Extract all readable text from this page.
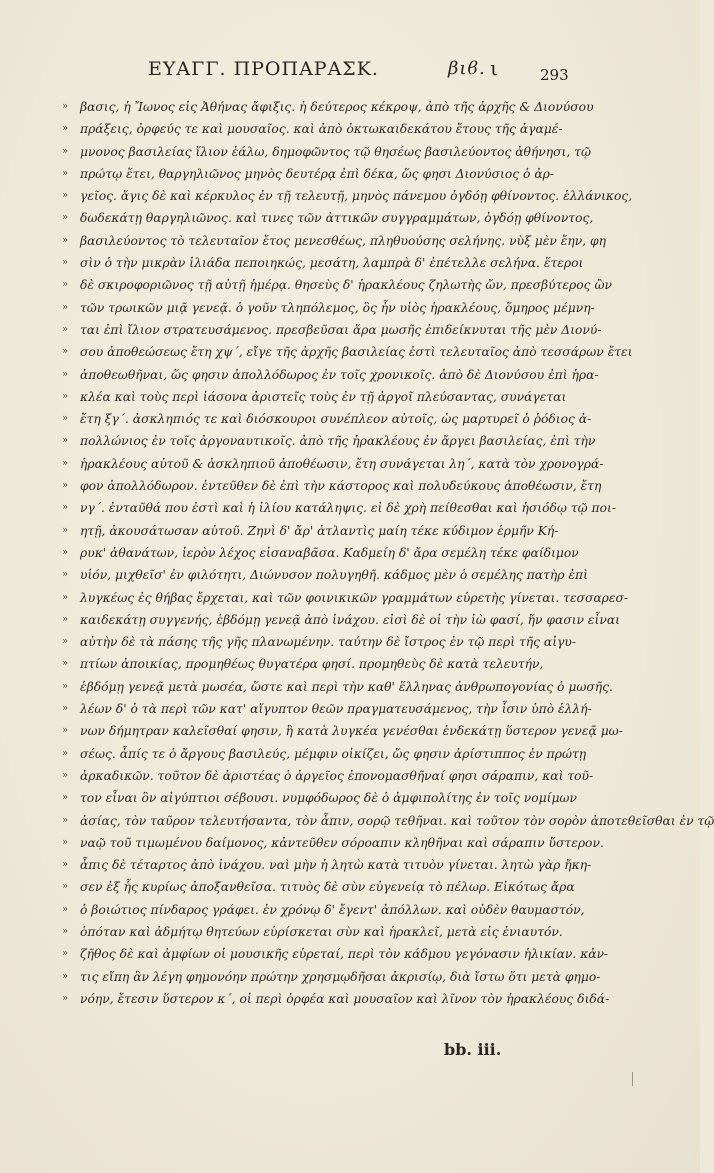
ΕΥΑΓΓ. ΠΡΟΠΑΡΑΣΚ.	βιϐ. ι	293
» βασις, ἡ Ἴωνος εἰς Ἀθήνας ἄφιξις. ἡ δεύτερος κέκροψ, ἀπὸ τῆς ἀρχῆς & Διονύσου
» πράξεις, ὀρφεύς τε καὶ μουσαῖος. καὶ ἀπὸ ὀκτωκαιδεκάτου ἔτους τῆς ἀγαμέ-
» μνονος βασιλείας ἴλιον ἑάλω, δημοφῶντος τῷ θησέως βασιλεύοντος ἀθήνησι, τῷ
» πρώτῳ ἔτει, θαργηλιῶνος μηνὸς δευτέρᾳ ἐπὶ δέκα, ὥς φησι Διονύσιος ὁ ἀρ-
» γεῖος. ἄγις δὲ καὶ κέρκυλος ἐν τῇ τελευτῇ, μηνὸς πάνεμου ὀγδόῃ φθίνοντος. ἑλλάνικος,
» δωδεκάτῃ θαργηλιῶνος. καὶ τινες τῶν ἀττικῶν συγγραμμάτων, ὀγδόῃ φθίνοντος,
» βασιλεύοντος τὸ τελευταῖον ἔτος μενεσθέως, πληθυούσης σελήνης. νὺξ μὲν ἔην, φη
» σὶν ὁ τὴν μικρὰν ἰλιάδα πεποιηκώς, μεσάτη, λαμπρὰ δ' ἐπέτελλε σελήνα. ἕτεροι
» δὲ σκιροφοριῶνος τῇ αὐτῇ ἡμέρᾳ. θησεὺς δ' ἡρακλέους ζηλωτὴς ὤν, πρεσβύτερος ὢν
» τῶν τρωικῶν μιᾷ γενεᾷ. ὁ γοῦν τληπόλεμος, ὃς ἦν υἱὸς ἡρακλέους, ὅμηρος μέμνη-
» ται ἐπὶ ἴλιον στρατευσάμενος. πρεσβεῦσαι ἄρα μωσῆς ἐπιδείκνυται τῆς μὲν Διονύ-
» σου ἀποθεώσεως ἔτη χψ΄, εἴγε τῆς ἀρχῆς βασιλείας ἐστὶ τελευταῖος ἀπὸ τεσσάρων ἔτει
» ἀποθεωθῆναι, ὥς φησιν ἀπολλόδωρος ἐν τοῖς χρονικοῖς. ἀπὸ δὲ Διονύσου ἐπὶ ἡρα-
» κλέα καὶ τοὺς περὶ ἰάσονα ἀριστεῖς τοὺς ἐν τῇ ἀργοῖ πλεύσαντας, συνάγεται
» ἔτη ξγ΄. ἀσκληπιός τε καὶ διόσκουροι συνέπλεον αὐτοῖς, ὡς μαρτυρεῖ ὁ ῥόδιος ἀ-
» πολλώνιος ἐν τοῖς ἀργοναυτικοῖς. ἀπὸ τῆς ἡρακλέους ἐν ἄργει βασιλείας, ἐπὶ τὴν
» ἡρακλέους αὐτοῦ & ἀσκληπιοῦ ἀποθέωσιν, ἔτη συνάγεται λη΄, κατὰ τὸν χρονογρά-
» φον ἀπολλόδωρον. ἐντεῦθεν δὲ ἐπὶ τὴν κάστορος καὶ πολυδεύκους ἀποθέωσιν, ἔτη
» νγ΄. ἐνταῦθά που ἐστὶ καὶ ἡ ἰλίου κατάληψις. εἰ δὲ χρὴ πείθεσθαι καὶ ἡσιόδῳ τῷ ποι-
» ητῇ, ἀκουσάτωσαν αὐτοῦ. Ζηνὶ δ' ἄρ' ἀτλαντὶς μαίη τέκε κύδιμον ἑρμῆν Κή-
» ρυκ' ἀθανάτων, ἱερὸν λέχος εἰσαναβᾶσα. Καδμείη δ' ἄρα σεμέλη τέκε φαίδιμον
» υἱόν, μιχθεῖσ' ἐν φιλότητι, Διώνυσον πολυγηθῆ. κάδμος μὲν ὁ σεμέλης πατὴρ ἐπὶ
» λυγκέως ἐς θήβας ἔρχεται, καὶ τῶν φοινικικῶν γραμμάτων εὑρετὴς γίνεται. τεσσαρεσ-
» καιδεκάτῃ συγγενής, ἑβδόμῃ γενεᾷ ἀπὸ ἰνάχου. εἰσὶ δὲ οἱ τὴν ἰὼ φασί, ἥν φασιν εἶναι
» αὐτὴν δὲ τὰ πάσης τῆς γῆς πλανωμένην. ταύτην δὲ ἴστρος ἐν τῷ περὶ τῆς αἰγυ-
» πτίων ἀποικίας, προμηθέως θυγατέρα φησί. προμηθεὺς δὲ κατὰ τελευτήν,
» ἑβδόμῃ γενεᾷ μετὰ μωσέα, ὥστε καὶ περὶ τὴν καθ' ἕλληνας ἀνθρωπογονίας ὁ μωσῆς.
» λέων δ' ὁ τὰ περὶ τῶν κατ' αἴγυπτον θεῶν πραγματευσάμενος, τὴν ἶσιν ὑπὸ ἑλλή-
» νων δήμητραν καλεῖσθαί φησιν, ἣ κατὰ λυγκέα γενέσθαι ἑνδεκάτῃ ὕστερον γενεᾷ μω-
» σέως. ἆπίς τε ὁ ἄργους βασιλεύς, μέμφιν οἰκίζει, ὥς φησιν ἀρίστιππος ἐν πρώτῃ
» ἀρκαδικῶν. τοῦτον δὲ ἀριστέας ὁ ἀργεῖος ἐπονομασθῆναί φησι σάραπιν, καὶ τοῦ-
» τον εἶναι ὃν αἰγύπτιοι σέβουσι. νυμφόδωρος δὲ ὁ ἀμφιπολίτης ἐν τοῖς νομίμων
» ἀσίας, τὸν ταῦρον τελευτήσαντα, τὸν ἆπιν, σορῷ τεθῆναι. καὶ τοῦτον τὸν σορὸν ἀποτεθεῖσθαι ἐν τῷ
» ναῷ τοῦ τιμωμένου δαίμονος, κἀντεῦθεν σόροαπιν κληθῆναι καὶ σάραπιν ὕστερον.
» ἆπις δὲ τέταρτος ἀπὸ ἰνάχου. ναὶ μὴν ἡ λητὼ κατὰ τιτυὸν γίνεται. λητὼ γὰρ ἤκη-
» σεν ἐξ ἧς κυρίως ἀποξανθεῖσα. τιτυὸς δὲ σὺν εὐγενείᾳ τὸ πέλωρ. Εἰκότως ἄρα
» ὁ βοιώτιος πίνδαρος γράφει. ἐν χρόνῳ δ' ἔγεντ' ἀπόλλων. καὶ οὐδὲν θαυμαστόν,
» ὁπόταν καὶ ἀδμήτῳ θητεύων εὑρίσκεται σὺν καὶ ἡρακλεῖ, μετὰ εἰς ἐνιαυτόν.
» ζῆθος δὲ καὶ ἀμφίων οἱ μουσικῆς εὑρεταί, περὶ τὸν κάδμου γεγόνασιν ἡλικίαν. κἀν-
» τις εἴπη ἂν λέγη φημονόην πρώτην χρησμῳδῆσαι ἀκρισίῳ, διὰ ἴστω ὅτι μετὰ φημο-
» νόην, ἔτεσιν ὕστερον κ΄, οἱ περὶ ὀρφέα καὶ μουσαῖον καὶ λῖνον τὸν ἡρακλέους διδά-
bb. iii.
